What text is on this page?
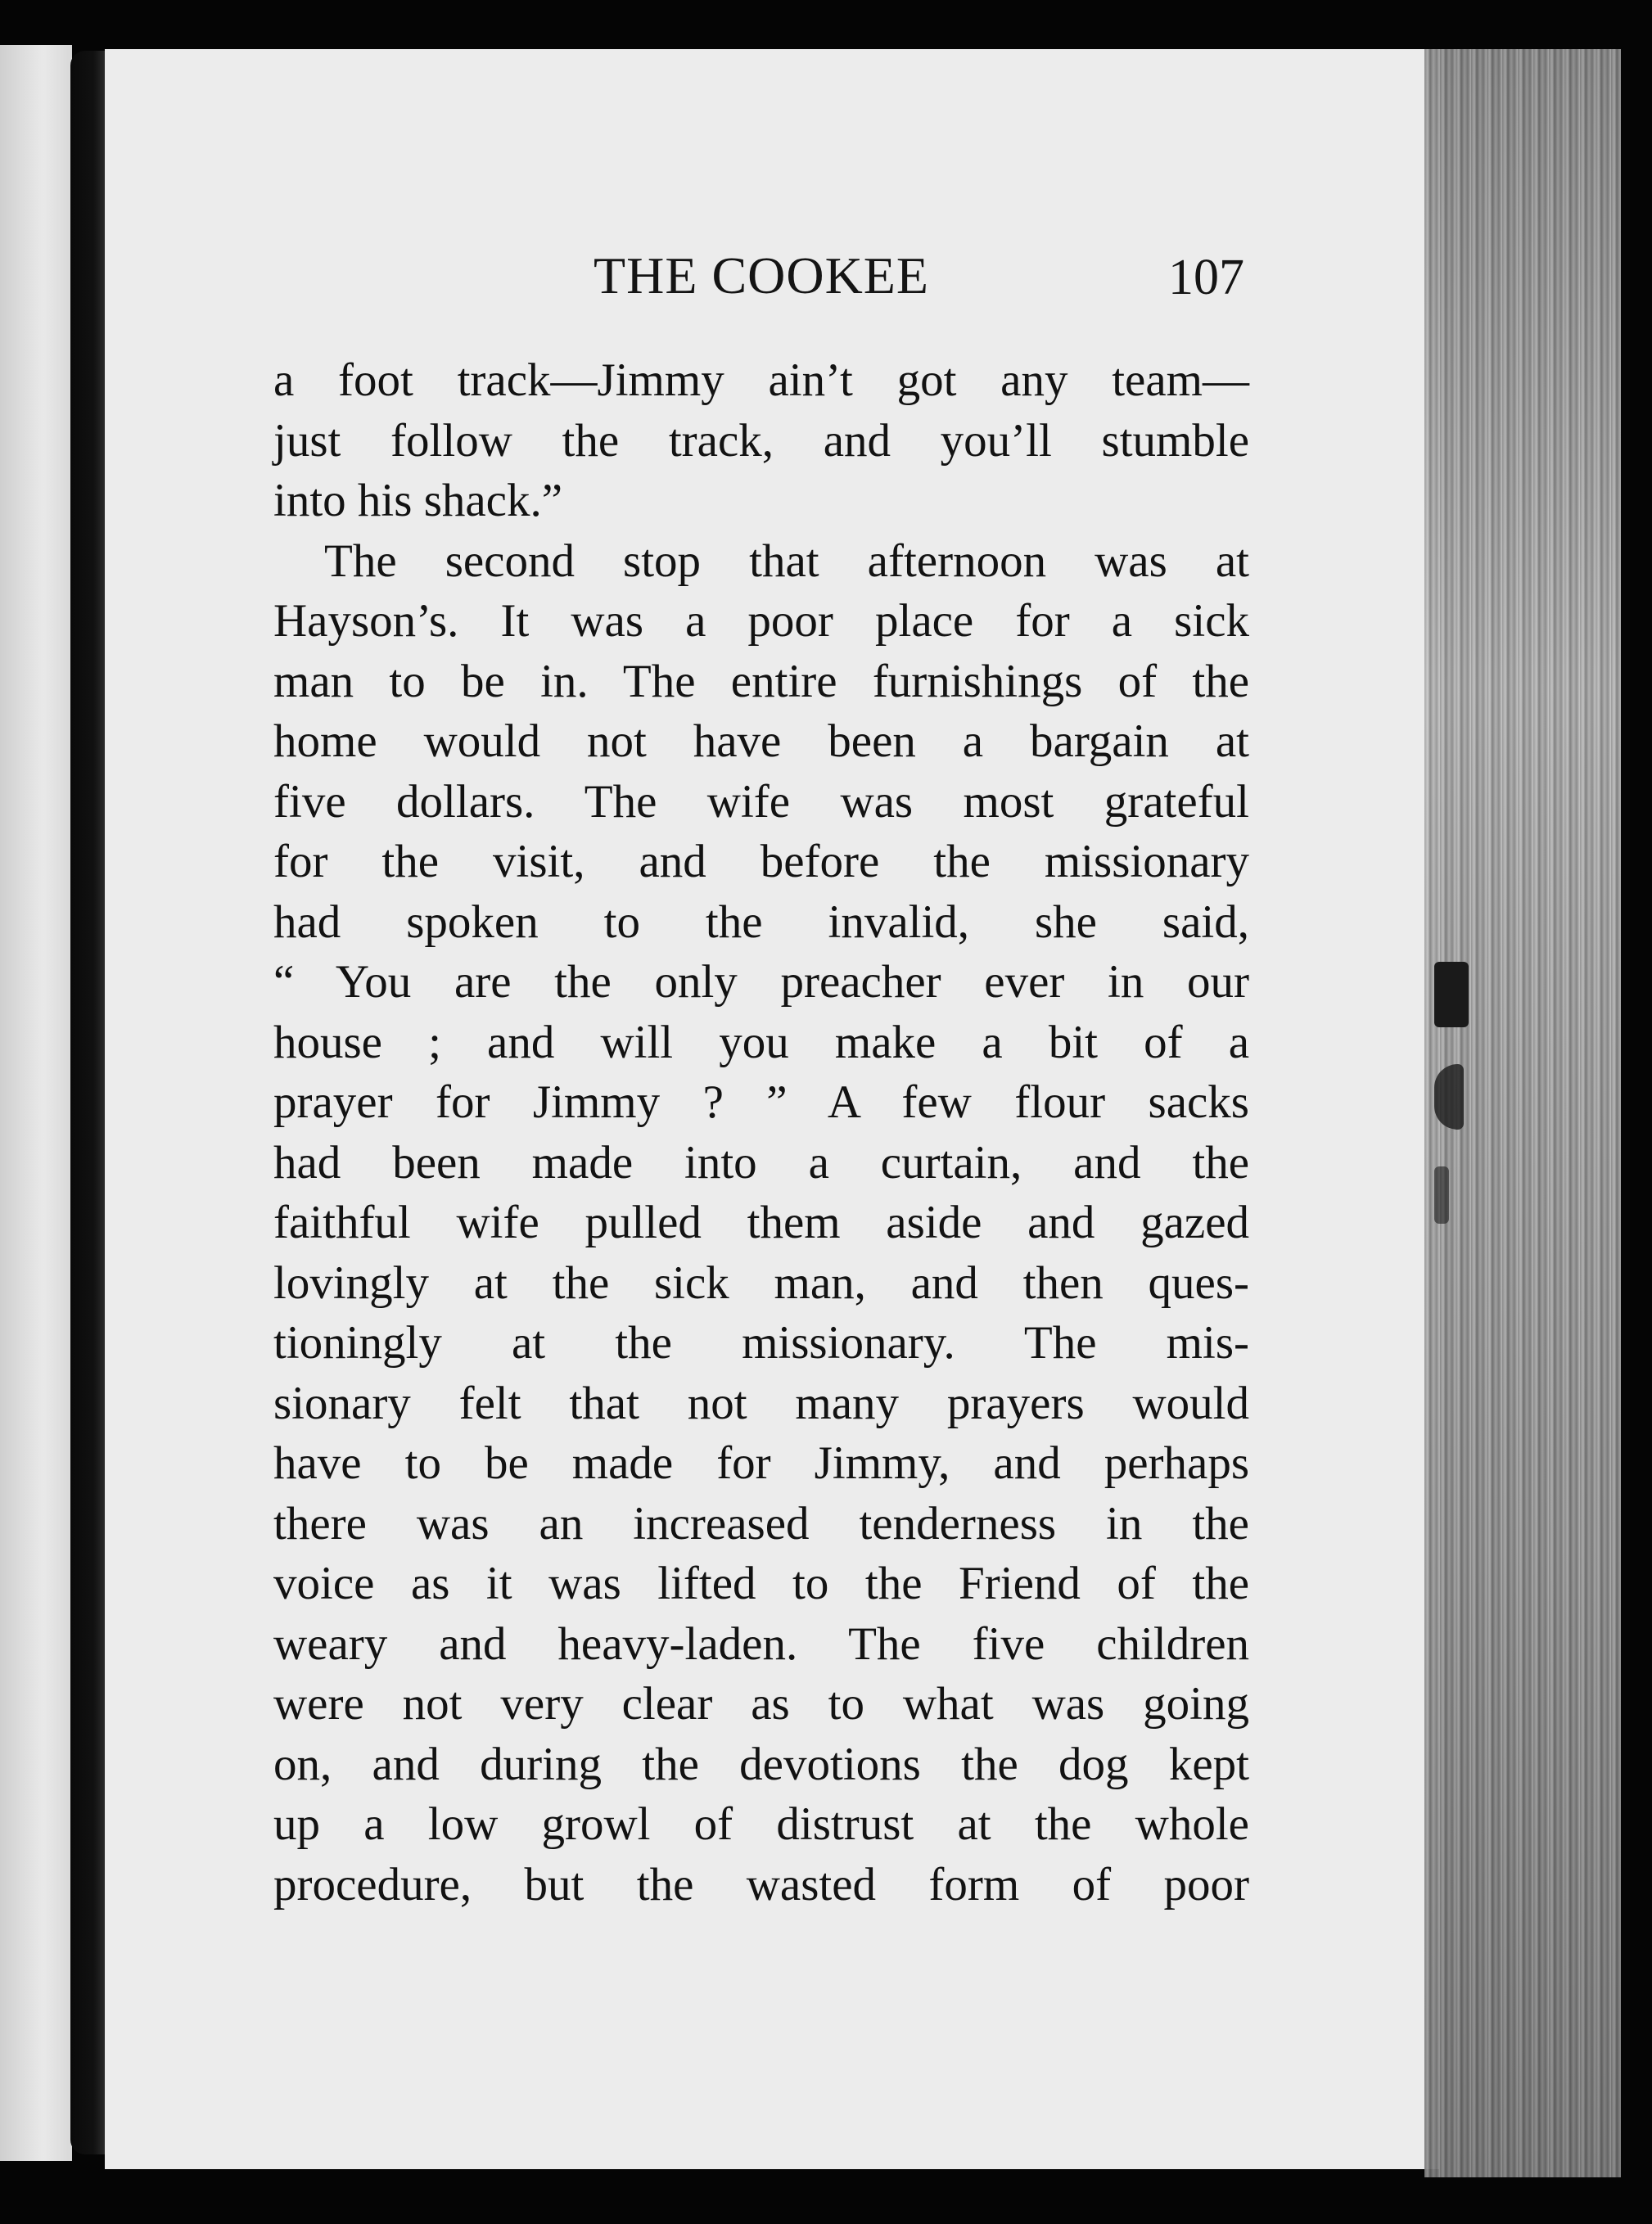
THE COOKEE	107
a foot track—Jimmy ain’t got any team—
just follow the track, and you’ll stumble
into his shack.”
The second stop that afternoon was at
Hayson’s. It was a poor place for a sick
man to be in. The entire furnishings of the
home would not have been a bargain at
five dollars. The wife was most grateful
for the visit, and before the missionary
had spoken to the invalid, she said,
“ You are the only preacher ever in our
house ; and will you make a bit of a
prayer for Jimmy ? ” A few flour sacks
had been made into a curtain, and the
faithful wife pulled them aside and gazed
lovingly at the sick man, and then ques-
tioningly at the missionary. The mis-
sionary felt that not many prayers would
have to be made for Jimmy, and perhaps
there was an increased tenderness in the
voice as it was lifted to the Friend of the
weary and heavy-laden. The five children
were not very clear as to what was going
on, and during the devotions the dog kept
up a low growl of distrust at the whole
procedure, but the wasted form of poor
